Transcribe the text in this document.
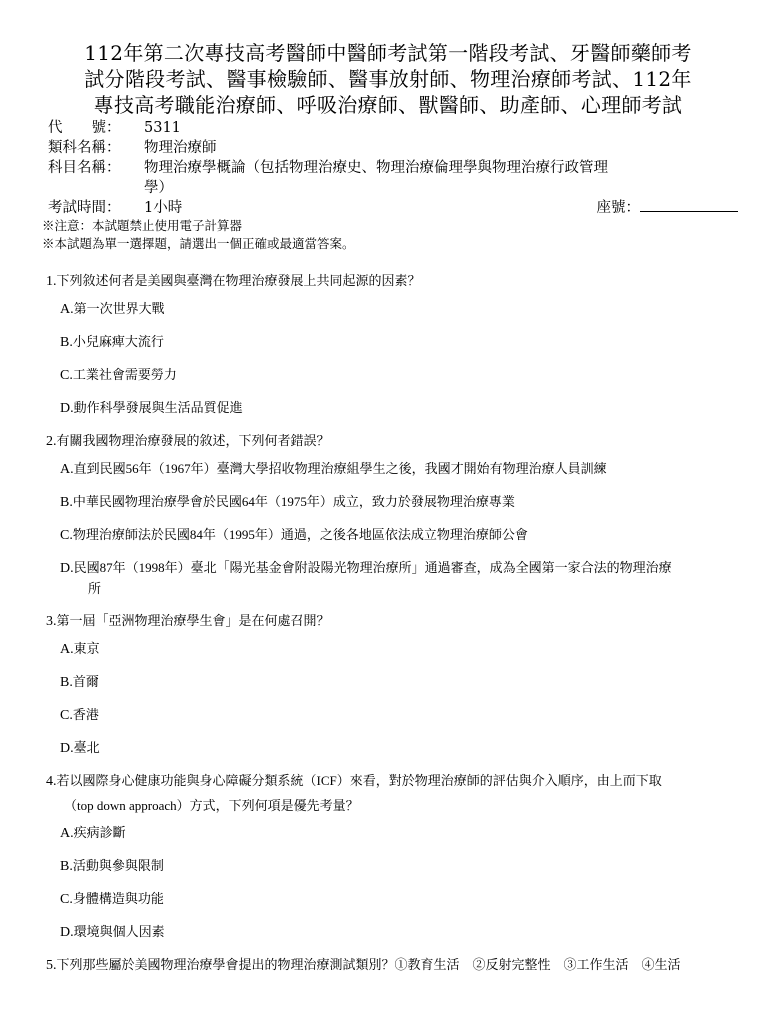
112年第二次專技高考醫師中醫師考試第一階段考試、牙醫師藥師考
試分階段考試、醫事檢驗師、醫事放射師、物理治療師考試、112年
專技高考職能治療師、呼吸治療師、獸醫師、助產師、心理師考試
代　　號：	5311
類科名稱：	物理治療師
科目名稱：	物理治療學概論（包括物理治療史、物理治療倫理學與物理治療行政管理
學）
考試時間：	1小時	座號：
※注意：本試題禁止使用電子計算器
※本試題為單一選擇題，請選出一個正確或最適當答案。
1.下列敘述何者是美國與臺灣在物理治療發展上共同起源的因素？
A.第一次世界大戰
B.小兒麻痺大流行
C.工業社會需要勞力
D.動作科學發展與生活品質促進
2.有關我國物理治療發展的敘述，下列何者錯誤？
A.直到民國56年（1967年）臺灣大學招收物理治療組學生之後，我國才開始有物理治療人員訓練
B.中華民國物理治療學會於民國64年（1975年）成立，致力於發展物理治療專業
C.物理治療師法於民國84年（1995年）通過，之後各地區依法成立物理治療師公會
D.民國87年（1998年）臺北「陽光基金會附設陽光物理治療所」通過審查，成為全國第一家合法的物理治療
所
3.第一屆「亞洲物理治療學生會」是在何處召開？
A.東京
B.首爾
C.香港
D.臺北
4.若以國際身心健康功能與身心障礙分類系統（ICF）來看，對於物理治療師的評估與介入順序，由上而下取
（top down approach）方式，下列何項是優先考量？
A.疾病診斷
B.活動與參與限制
C.身體構造與功能
D.環境與個人因素
5.下列那些屬於美國物理治療學會提出的物理治療測試類別？①教育生活　②反射完整性　③工作生活　④生活
